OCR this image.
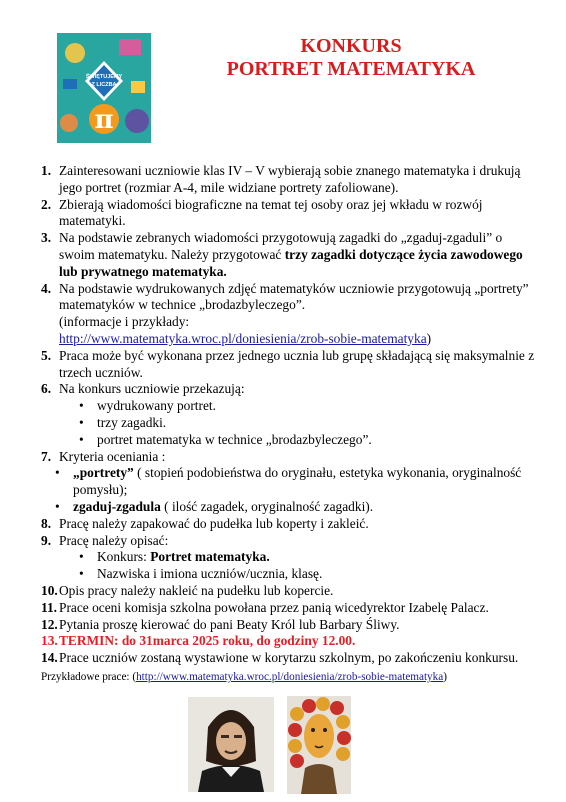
ŚWIĘTUJEMY
Z LICZBĄ
π
KONKURS
PORTRET MATEMATYKA
1. Zainteresowani uczniowie klas IV – V wybierają sobie znanego matematyka i drukują jego portret (rozmiar A-4, mile widziane portrety zafoliowane).
2. Zbierają wiadomości biograficzne na temat tej osoby oraz jej wkładu w rozwój matematyki.
3. Na podstawie zebranych wiadomości przygotowują zagadki do „zgaduj-zgaduli” o swoim matematyku. Należy przygotować trzy zagadki dotyczące życia zawodowego lub prywatnego matematyka.
4. Na podstawie wydrukowanych zdjęć matematyków uczniowie przygotowują „portrety” matematyków w technice „brodazbyleczego”.
(informacje i przykłady:
http://www.matematyka.wroc.pl/doniesienia/zrob-sobie-matematyka)
5. Praca może być wykonana przez jednego ucznia lub grupę składającą się maksymalnie z trzech uczniów.
6. Na konkurs uczniowie przekazują:
• wydrukowany portret.
• trzy zagadki.
• portret matematyka w technice „brodazbyleczego”.
7. Kryteria oceniania :
• „portrety” ( stopień podobieństwa do oryginału, estetyka wykonania, oryginalność pomysłu);
• zgaduj-zgadula ( ilość zagadek, oryginalność zagadki).
8. Pracę należy zapakować do pudełka lub koperty i zakleić.
9. Pracę należy opisać:
• Konkurs: Portret matematyka.
• Nazwiska i imiona uczniów/ucznia, klasę.
10. Opis pracy należy nakleić na pudełku lub kopercie.
11. Prace oceni komisja szkolna powołana przez panią wicedyrektor Izabelę Palacz.
12. Pytania proszę kierować do pani Beaty Król lub Barbary Śliwy.
13. TERMIN: do 31marca 2025 roku, do godziny 12.00.
14. Prace uczniów zostaną wystawione w korytarzu szkolnym, po zakończeniu konkursu.
Przykładowe prace: (http://www.matematyka.wroc.pl/doniesienia/zrob-sobie-matematyka)
